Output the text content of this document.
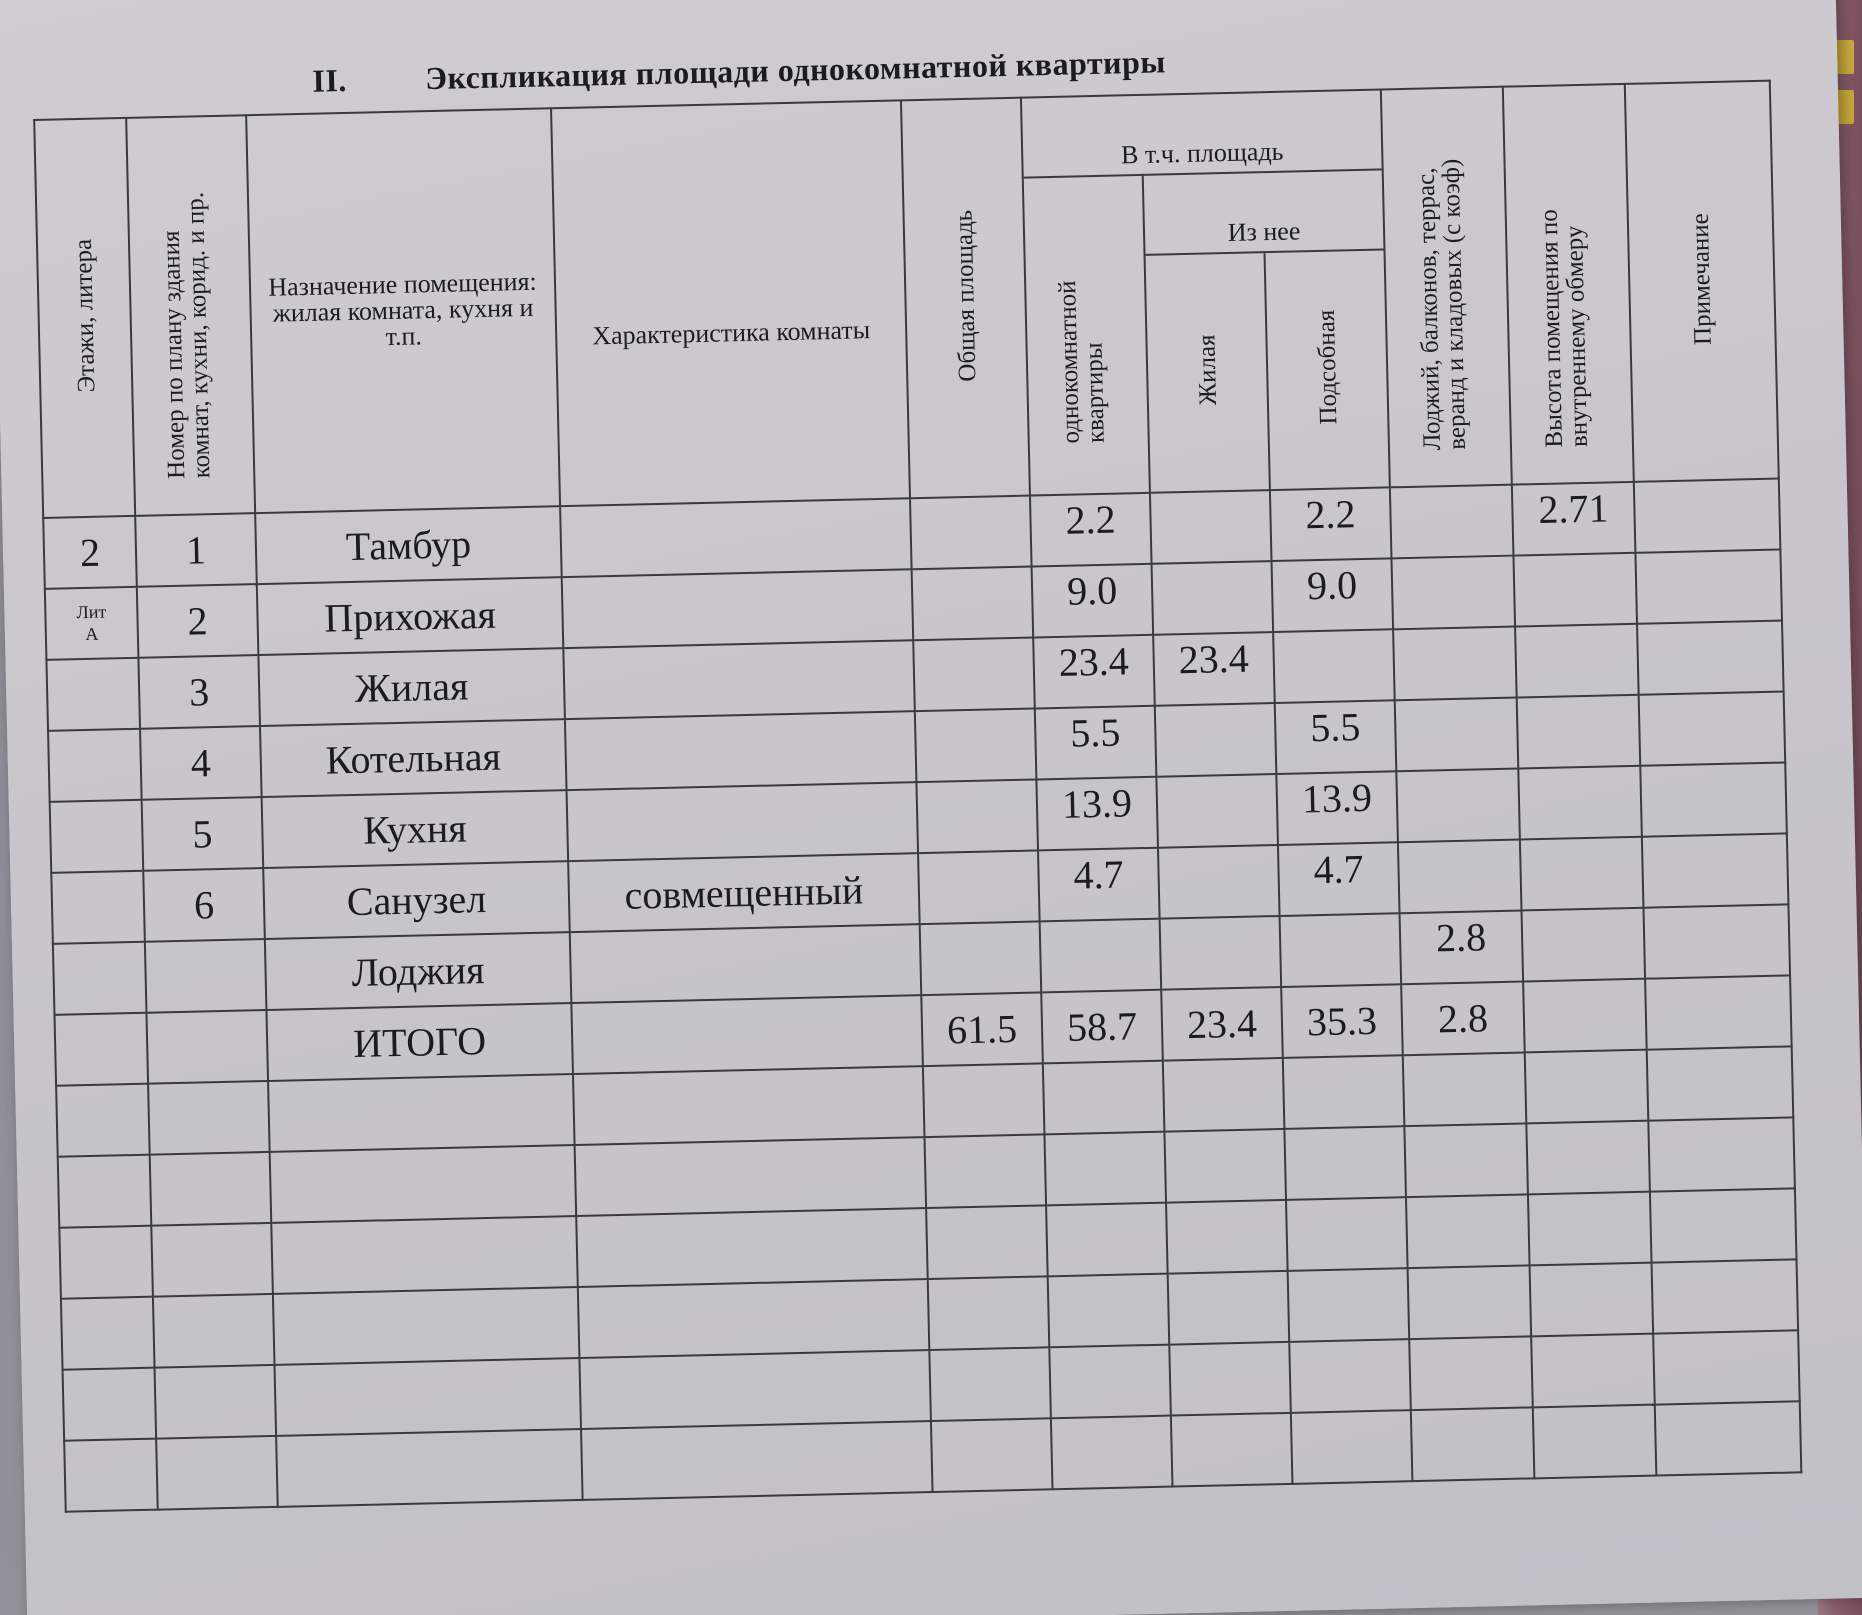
II. Экспликация площади однокомнатной квартиры
Этажи, литера	Номер по плану здания комнат, кухни, корид. и пр.	Назначение помещения: жилая комната, кухня и т.п.	Характеристика комнаты	Общая площадь	В т.ч. площадь			Лоджий, балконов, террас, веранд и кладовых (с коэф)	Высота помещения по внутреннему обмеру	Примечание
					однокомнатной квартиры	Из нее				

						Жилая	Подсобная			
2	1	Тамбур			2.2		2.2		2.71	

Лит
А	2	Прихожая			9.0		9.0			
	3	Жилая			23.4	23.4				
	4	Котельная			5.5		5.5			
	5	Кухня			13.9		13.9			
	6	Санузел	совмещенный		4.7		4.7			
		Лоджия						2.8		
		ИТОГО		61.5	58.7	23.4	35.3	2.8		
